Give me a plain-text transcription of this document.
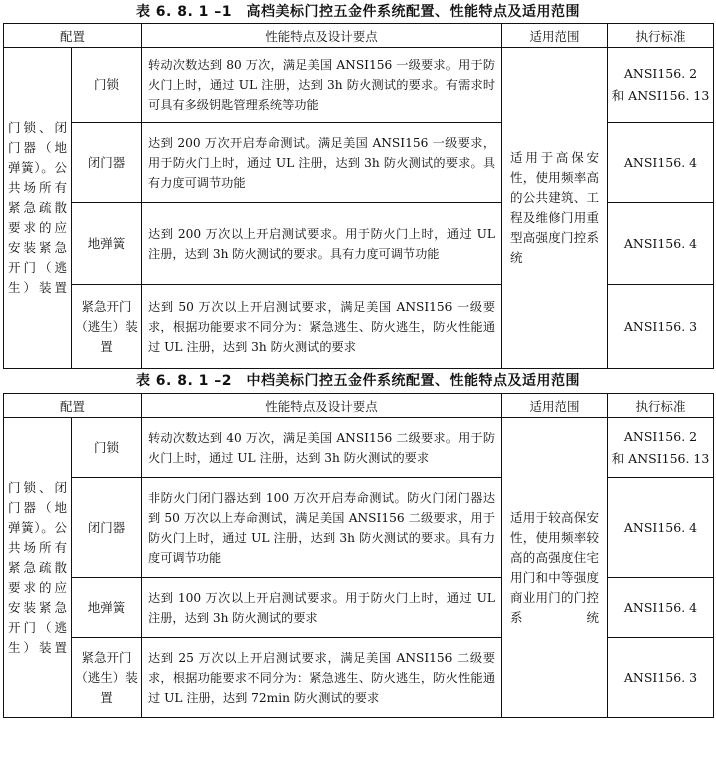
表 6. 8. 1 –1　高档美标门控五金件系统配置、性能特点及适用范围
配置		性能特点及设计要点	适用范围	执行标准
门锁、闭门器（地弹簧）。公共场所有紧急疏散要求的应安装紧急开门（逃生）装置	门锁	转动次数达到 80 万次，满足美国 ANSI156 一级要求。用于防火门上时，通过 UL 注册，达到 3h 防火测试的要求。有需求时可具有多级钥匙管理系统等功能	适用于高保安性，使用频率高的公共建筑、工程及维修门用重型高强度门控系统	ANSI156. 2
和 ANSI156. 13
	闭门器	达到 200 万次开启寿命测试。满足美国 ANSI156 一级要求，用于防火门上时，通过 UL 注册，达到 3h 防火测试的要求。具有力度可调节功能		ANSI156. 4
	地弹簧	达到 200 万次以上开启测试要求。用于防火门上时，通过 UL 注册，达到 3h 防火测试的要求。具有力度可调节功能		ANSI156. 4
	紧急开门
（逃生）装置	达到 50 万次以上开启测试要求，满足美国 ANSI156 一级要求，根据功能要求不同分为：紧急逃生、防火逃生，防火性能通过 UL 注册，达到 3h 防火测试的要求		ANSI156. 3
表 6. 8. 1 –2　中档美标门控五金件系统配置、性能特点及适用范围
配置		性能特点及设计要点	适用范围	执行标准
门锁、闭门器（地弹簧）。公共场所有紧急疏散要求的应安装紧急开门（逃生）装置	门锁	转动次数达到 40 万次，满足美国 ANSI156 二级要求。用于防火门上时，通过 UL 注册，达到 3h 防火测试的要求	适用于较高保安性，使用频率较高的高强度住宅用门和中等强度商业用门的门控系统	ANSI156. 2
和 ANSI156. 13
	闭门器	非防火门闭门器达到 100 万次开启寿命测试。防火门闭门器达到 50 万次以上寿命测试，满足美国 ANSI156 二级要求，用于防火门上时，通过 UL 注册，达到 3h 防火测试的要求。具有力度可调节功能		ANSI156. 4
	地弹簧	达到 100 万次以上开启测试要求。用于防火门上时，通过 UL 注册，达到 3h 防火测试的要求		ANSI156. 4
	紧急开门
（逃生）装置	达到 25 万次以上开启测试要求，满足美国 ANSI156 二级要求，根据功能要求不同分为：紧急逃生、防火逃生，防火性能通过 UL 注册，达到 72min 防火测试的要求		ANSI156. 3
